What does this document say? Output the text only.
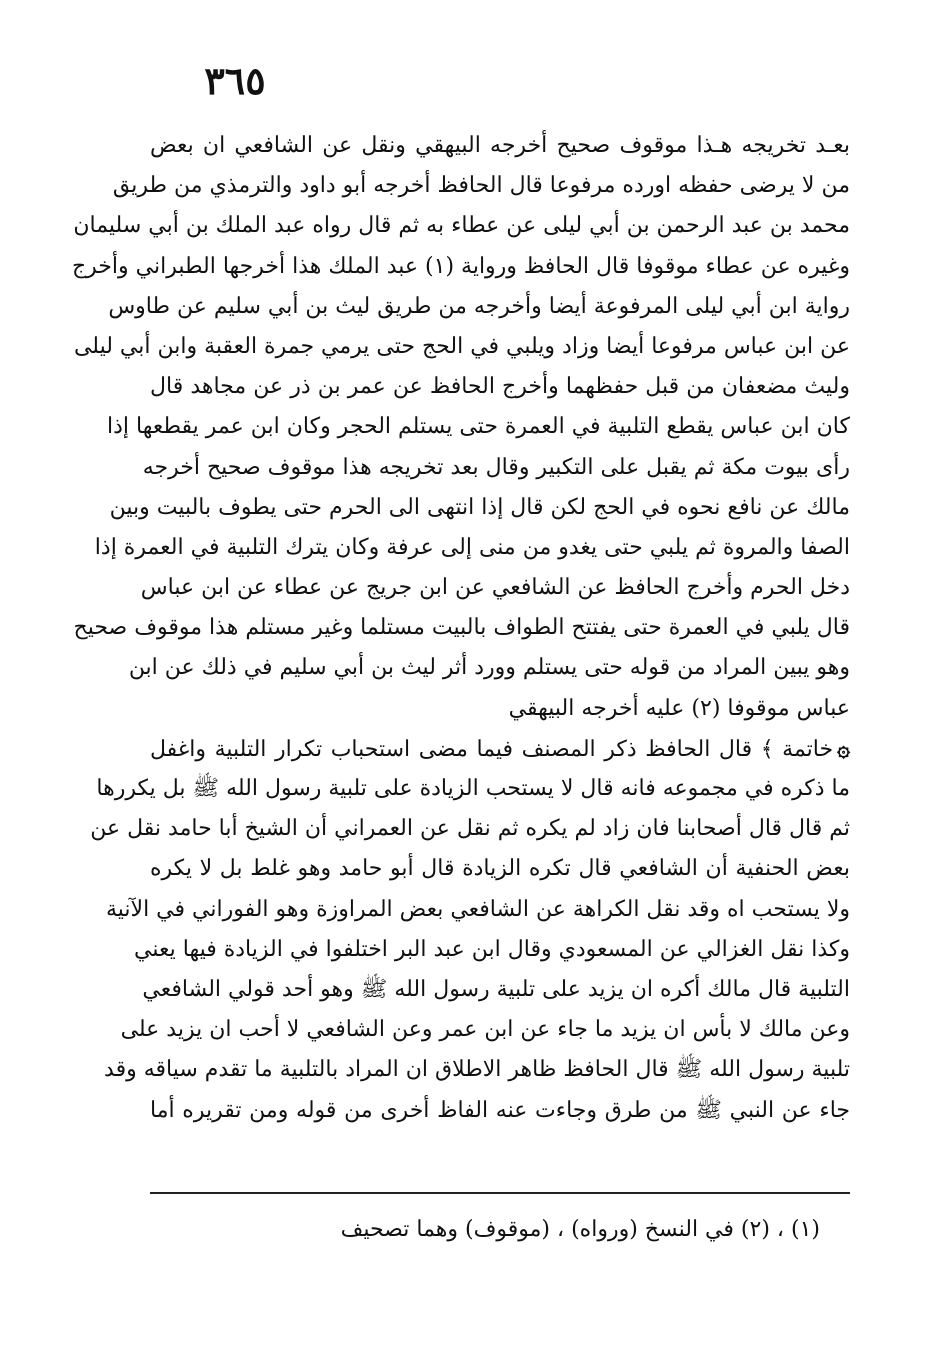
٣٦٥
بعـد تخريجه هـذا موقوف صحيح أخرجه البيهقي ونقل عن الشافعي ان بعض
من لا يرضى حفظه اورده مرفوعا قال الحافظ أخرجه أبو داود والترمذي من طريق
محمد بن عبد الرحمن بن أبي ليلى عن عطاء به ثم قال رواه عبد الملك بن أبي سليمان
وغيره عن عطاء موقوفا قال الحافظ ورواية (١) عبد الملك هذا أخرجها الطبراني وأخرج
رواية ابن أبي ليلى المرفوعة أيضا وأخرجه من طريق ليث بن أبي سليم عن طاوس
عن ابن عباس مرفوعا أيضا وزاد ويلبي في الحج حتى يرمي جمرة العقبة وابن أبي ليلى
وليث مضعفان من قبل حفظهما وأخرج الحافظ عن عمر بن ذر عن مجاهد قال
كان ابن عباس يقطع التلبية في العمرة حتى يستلم الحجر وكان ابن عمر يقطعها إذا
رأى بيوت مكة ثم يقبل على التكبير وقال بعد تخريجه هذا موقوف صحيح أخرجه
مالك عن نافع نحوه في الحج لكن قال إذا انتهى الى الحرم حتى يطوف بالبيت وبين
الصفا والمروة ثم يلبي حتى يغدو من منى إلى عرفة وكان يترك التلبية في العمرة إذا
دخل الحرم وأخرج الحافظ عن الشافعي عن ابن جريج عن عطاء عن ابن عباس
قال يلبي في العمرة حتى يفتتح الطواف بالبيت مستلما وغير مستلم هذا موقوف صحيح
وهو يبين المراد من قوله حتى يستلم وورد أثر ليث بن أبي سليم في ذلك عن ابن
عباس موقوفا (٢) عليه أخرجه البيهقي
۞خاتمة ﴾ قال الحافظ ذكر المصنف فيما مضى استحباب تكرار التلبية واغفل
ما ذكره في مجموعه فانه قال لا يستحب الزيادة على تلبية رسول الله ﷺ بل يكررها
ثم قال قال أصحابنا فان زاد لم يكره ثم نقل عن العمراني أن الشيخ أبا حامد نقل عن
بعض الحنفية أن الشافعي قال تكره الزيادة قال أبو حامد وهو غلط بل لا يكره
ولا يستحب اه وقد نقل الكراهة عن الشافعي بعض المراوزة وهو الفوراني في الآنية
وكذا نقل الغزالي عن المسعودي وقال ابن عبد البر اختلفوا في الزيادة فيها يعني
التلبية قال مالك أكره ان يزيد على تلبية رسول الله ﷺ وهو أحد قولي الشافعي
وعن مالك لا بأس ان يزيد ما جاء عن ابن عمر وعن الشافعي لا أحب ان يزيد على
تلبية رسول الله ﷺ قال الحافظ ظاهر الاطلاق ان المراد بالتلبية ما تقدم سياقه وقد
جاء عن النبي ﷺ من طرق وجاءت عنه الفاظ أخرى من قوله ومن تقريره أما
(١) ، (٢) في النسخ (ورواه) ، (موقوف) وهما تصحيف
